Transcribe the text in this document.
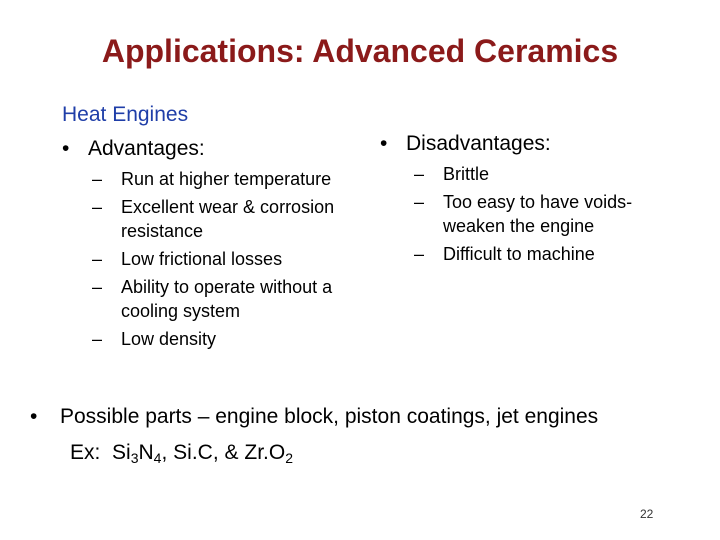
Applications: Advanced Ceramics
Heat Engines
• Advantages:
– Run at higher temperature
– Excellent wear & corrosion resistance
– Low frictional losses
– Ability to operate without a cooling system
– Low density
• Disadvantages:
– Brittle
– Too easy to have voids- weaken the engine
– Difficult to machine
• Possible parts – engine block, piston coatings, jet engines
Ex: $Si_3N_4$, Si.C, & $Zr.O_2$
22
